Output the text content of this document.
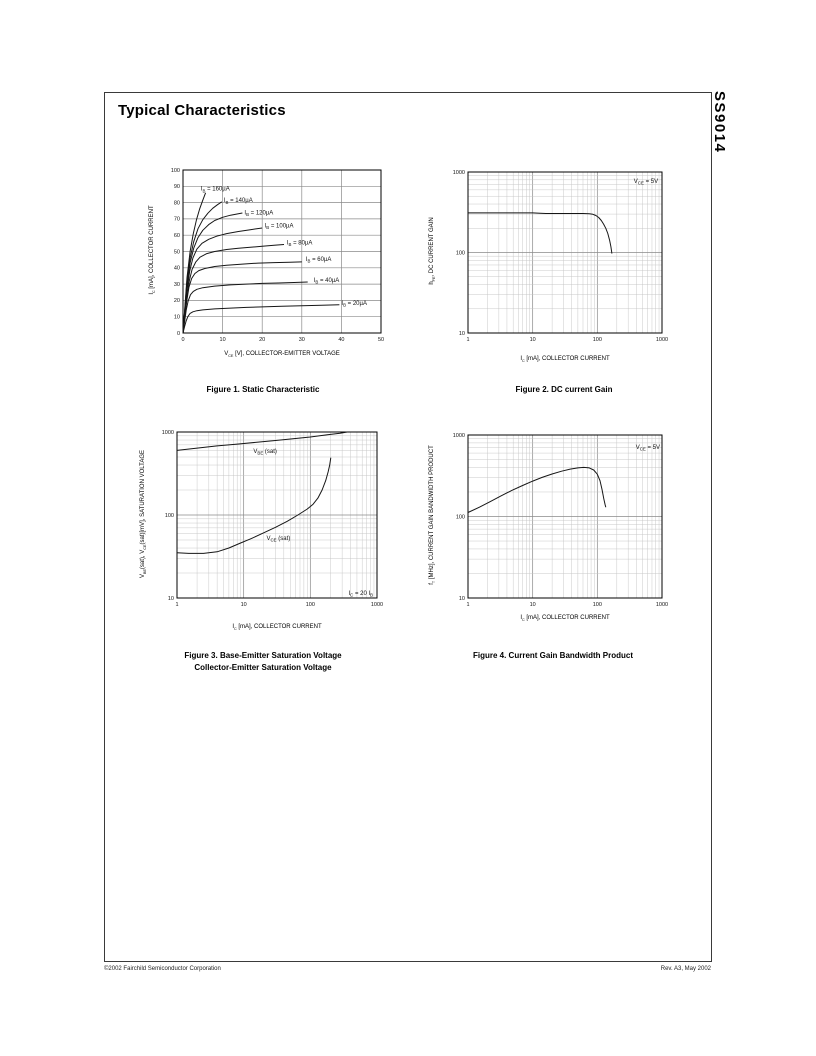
Typical Characteristics	SS9014
$I_C$ [mA], COLLECTOR CURRENT
0	10	20	30	40	50
0
10
20
30
40
50
60
70
80
90
100
$I_B = 160\mu A$
$I_B = 140\mu A$
$I_B = 120\mu A$
$I_B = 100\mu A$
$I_B = 80\mu A$
$I_B = 60\mu A$
$I_B = 40\mu A$
$I_B = 20\mu A$
$V_{CE}$ [V], COLLECTOR-EMITTER VOLTAGE
Figure 1. Static Characteristic
$h_{FE}$, DC CURRENT GAIN
1	10	100	1000
10
100
1000
$V_{CE} = 5V$
$I_C$ [mA], COLLECTOR CURRENT
Figure 2. DC current Gain
$V_{BE}(sat)$, $V_{CE}(sat)[mV]$, SATURATION VOLTAGE
1	10	100	1000
10
100
1000
$V_{BE}$ (sat)
$V_{CE}$ (sat)
$I_C = 20$ $I_B$
$I_C$ [mA], COLLECTOR CURRENT
Figure 3. Base-Emitter Saturation Voltage
Collector-Emitter Saturation Voltage
$f_T$ [MHz], CURRENT GAIN BANDWIDTH PRODUCT
1	10	100	1000
10
100
1000
$V_{CE} = 5V$
$I_C$ [mA], COLLECTOR CURRENT
Figure 4. Current Gain Bandwidth Product
©2002 Fairchild Semiconductor Corporation	Rev. A3, May 2002
